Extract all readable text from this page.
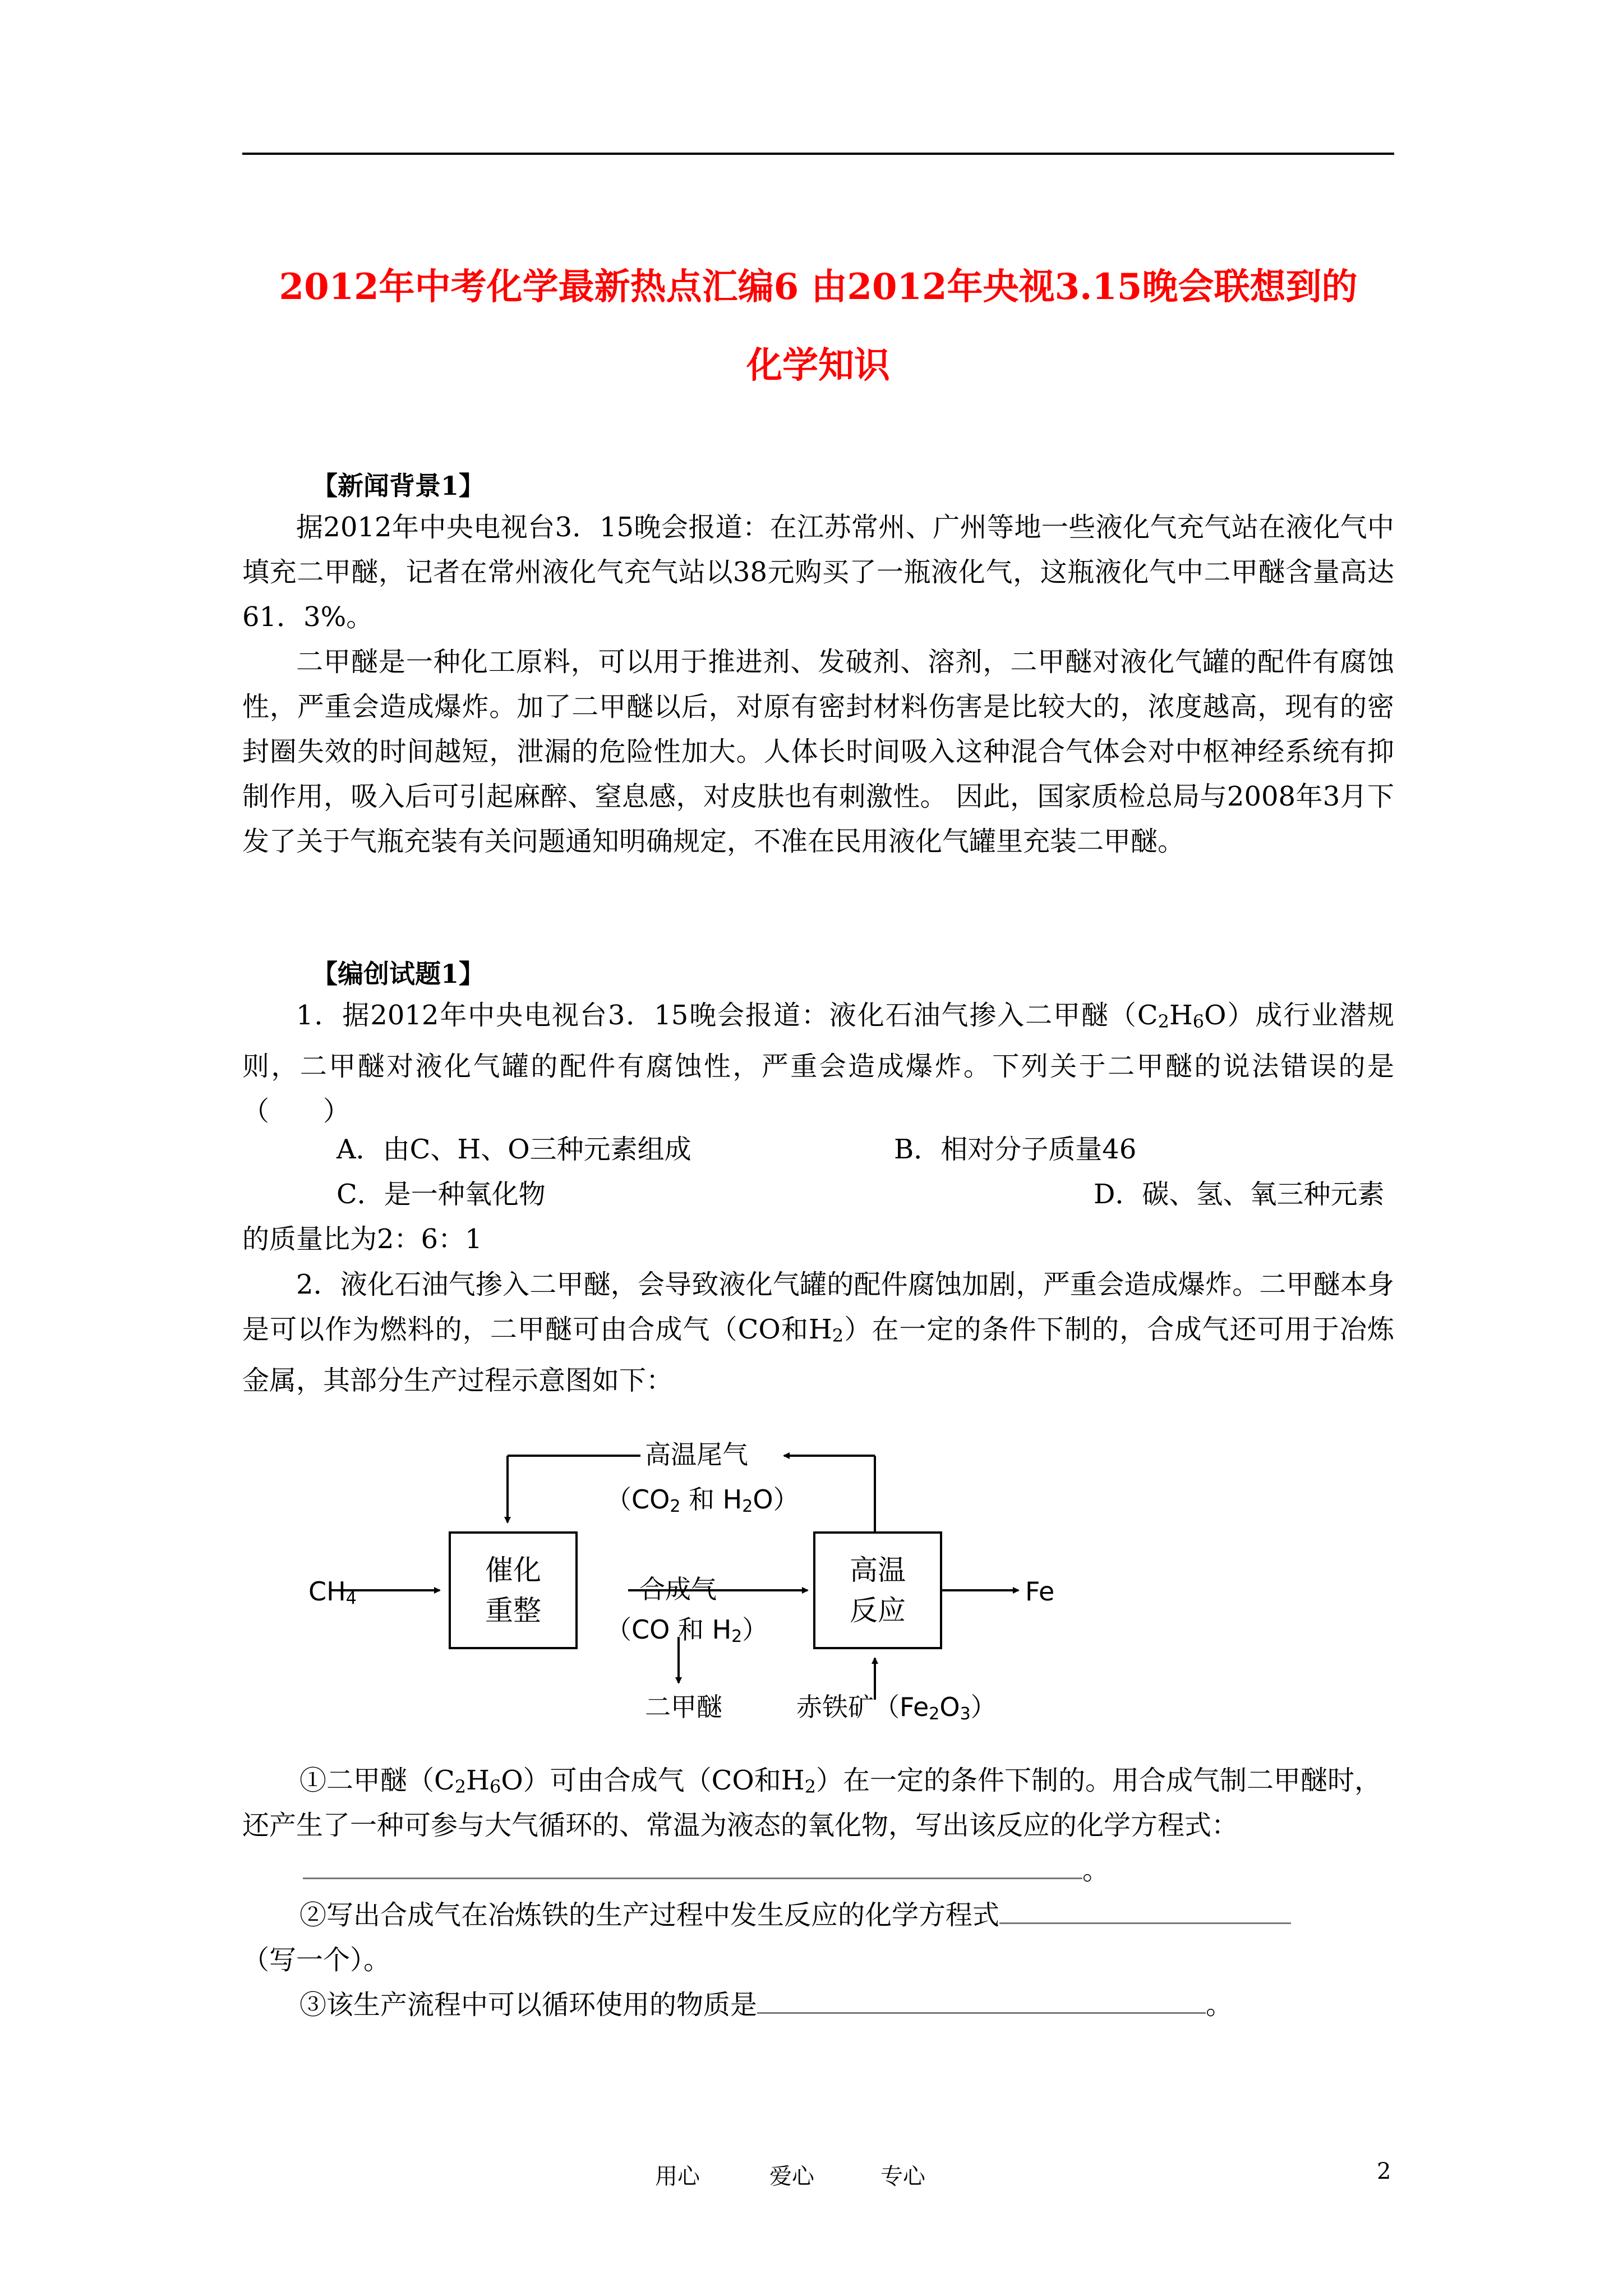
2012年中考化学最新热点汇编6 由2012年央视3.15晚会联想到的
化学知识
【新闻背景1】
据2012年中央电视台3．15晚会报道：在江苏常州、广州等地一些液化气充气站在液化气中填充二甲醚，记者在常州液化气充气站以38元购买了一瓶液化气，这瓶液化气中二甲醚含量高达61．3%。
二甲醚是一种化工原料，可以用于推进剂、发破剂、溶剂，二甲醚对液化气罐的配件有腐蚀性，严重会造成爆炸。加了二甲醚以后，对原有密封材料伤害是比较大的，浓度越高，现有的密封圈失效的时间越短，泄漏的危险性加大。人体长时间吸入这种混合气体会对中枢神经系统有抑制作用，吸入后可引起麻醉、窒息感，对皮肤也有刺激性。 因此，国家质检总局与2008年3月下发了关于气瓶充装有关问题通知明确规定，不准在民用液化气罐里充装二甲醚。
【编创试题1】
1．据2012年中央电视台3．15晚会报道：液化石油气掺入二甲醚（C2H6O）成行业潜规则，二甲醚对液化气罐的配件有腐蚀性，严重会造成爆炸。下列关于二甲醚的说法错误的是（　　）
A．由C、H、O三种元素组成	B．相对分子质量46
C．是一种氧化物	D．碳、氢、氧三种元素
的质量比为2：6：1
2．液化石油气掺入二甲醚，会导致液化气罐的配件腐蚀加剧，严重会造成爆炸。二甲醚本身是可以作为燃料的，二甲醚可由合成气（CO和H2）在一定的条件下制的，合成气还可用于冶炼金属，其部分生产过程示意图如下：
CH4
催化
重整
合成气
（CO 和 H2）
高温
反应
Fe
高温尾气
（CO2 和 H2O）
二甲醚	赤铁矿（Fe2O3）
①二甲醚（C2H6O）可由合成气（CO和H2）在一定的条件下制的。用合成气制二甲醚时，
还产生了一种可参与大气循环的、常温为液态的氧化物，写出该反应的化学方程式：
。
②写出合成气在冶炼铁的生产过程中发生反应的化学方程式
（写一个）。
③该生产流程中可以循环使用的物质是	。
用心	爱心	专心	2
